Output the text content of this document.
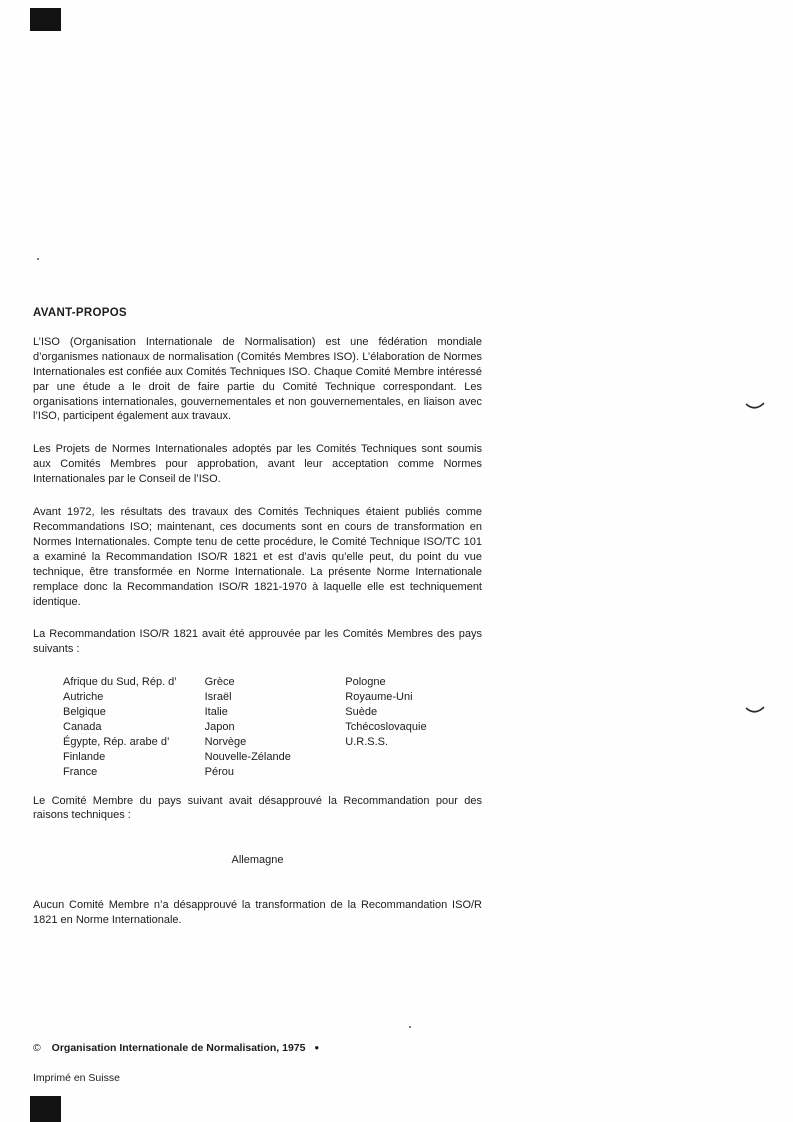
AVANT-PROPOS

L’ISO (Organisation Internationale de Normalisation) est une fédération mondiale d’organismes nationaux de normalisation (Comités Membres ISO). L’élaboration de Normes Internationales est confiée aux Comités Techniques ISO. Chaque Comité Membre intéressé par une étude a le droit de faire partie du Comité Technique correspondant. Les organisations internationales, gouvernementales et non gouvernementales, en liaison avec l’ISO, participent également aux travaux.

Les Projets de Normes Internationales adoptés par les Comités Techniques sont soumis aux Comités Membres pour approbation, avant leur acceptation comme Normes Internationales par le Conseil de l’ISO.

Avant 1972, les résultats des travaux des Comités Techniques étaient publiés comme Recommandations ISO; maintenant, ces documents sont en cours de transformation en Normes Internationales. Compte tenu de cette procédure, le Comité Technique ISO/TC 101 a examiné la Recommandation ISO/R 1821 et est d’avis qu’elle peut, du point du vue technique, être transformée en Norme Internationale. La présente Norme Internationale remplace donc la Recommandation ISO/R 1821-1970 à laquelle elle est techniquement identique.

La Recommandation ISO/R 1821 avait été approuvée par les Comités Membres des pays suivants :

Afrique du Sud, Rép. d’
Autriche
Belgique
Canada
Égypte, Rép. arabe d’
Finlande
France
Grèce
Israël
Italie
Japon
Norvège
Nouvelle-Zélande
Pérou
Pologne
Royaume-Uni
Suède
Tchécoslovaquie
U.R.S.S.

Le Comité Membre du pays suivant avait désapprouvé la Recommandation pour des raisons techniques :

Allemagne

Aucun Comité Membre n’a désapprouvé la transformation de la Recommandation ISO/R 1821 en Norme Internationale.

© Organisation Internationale de Normalisation, 1975 ●
Imprimé en Suisse
